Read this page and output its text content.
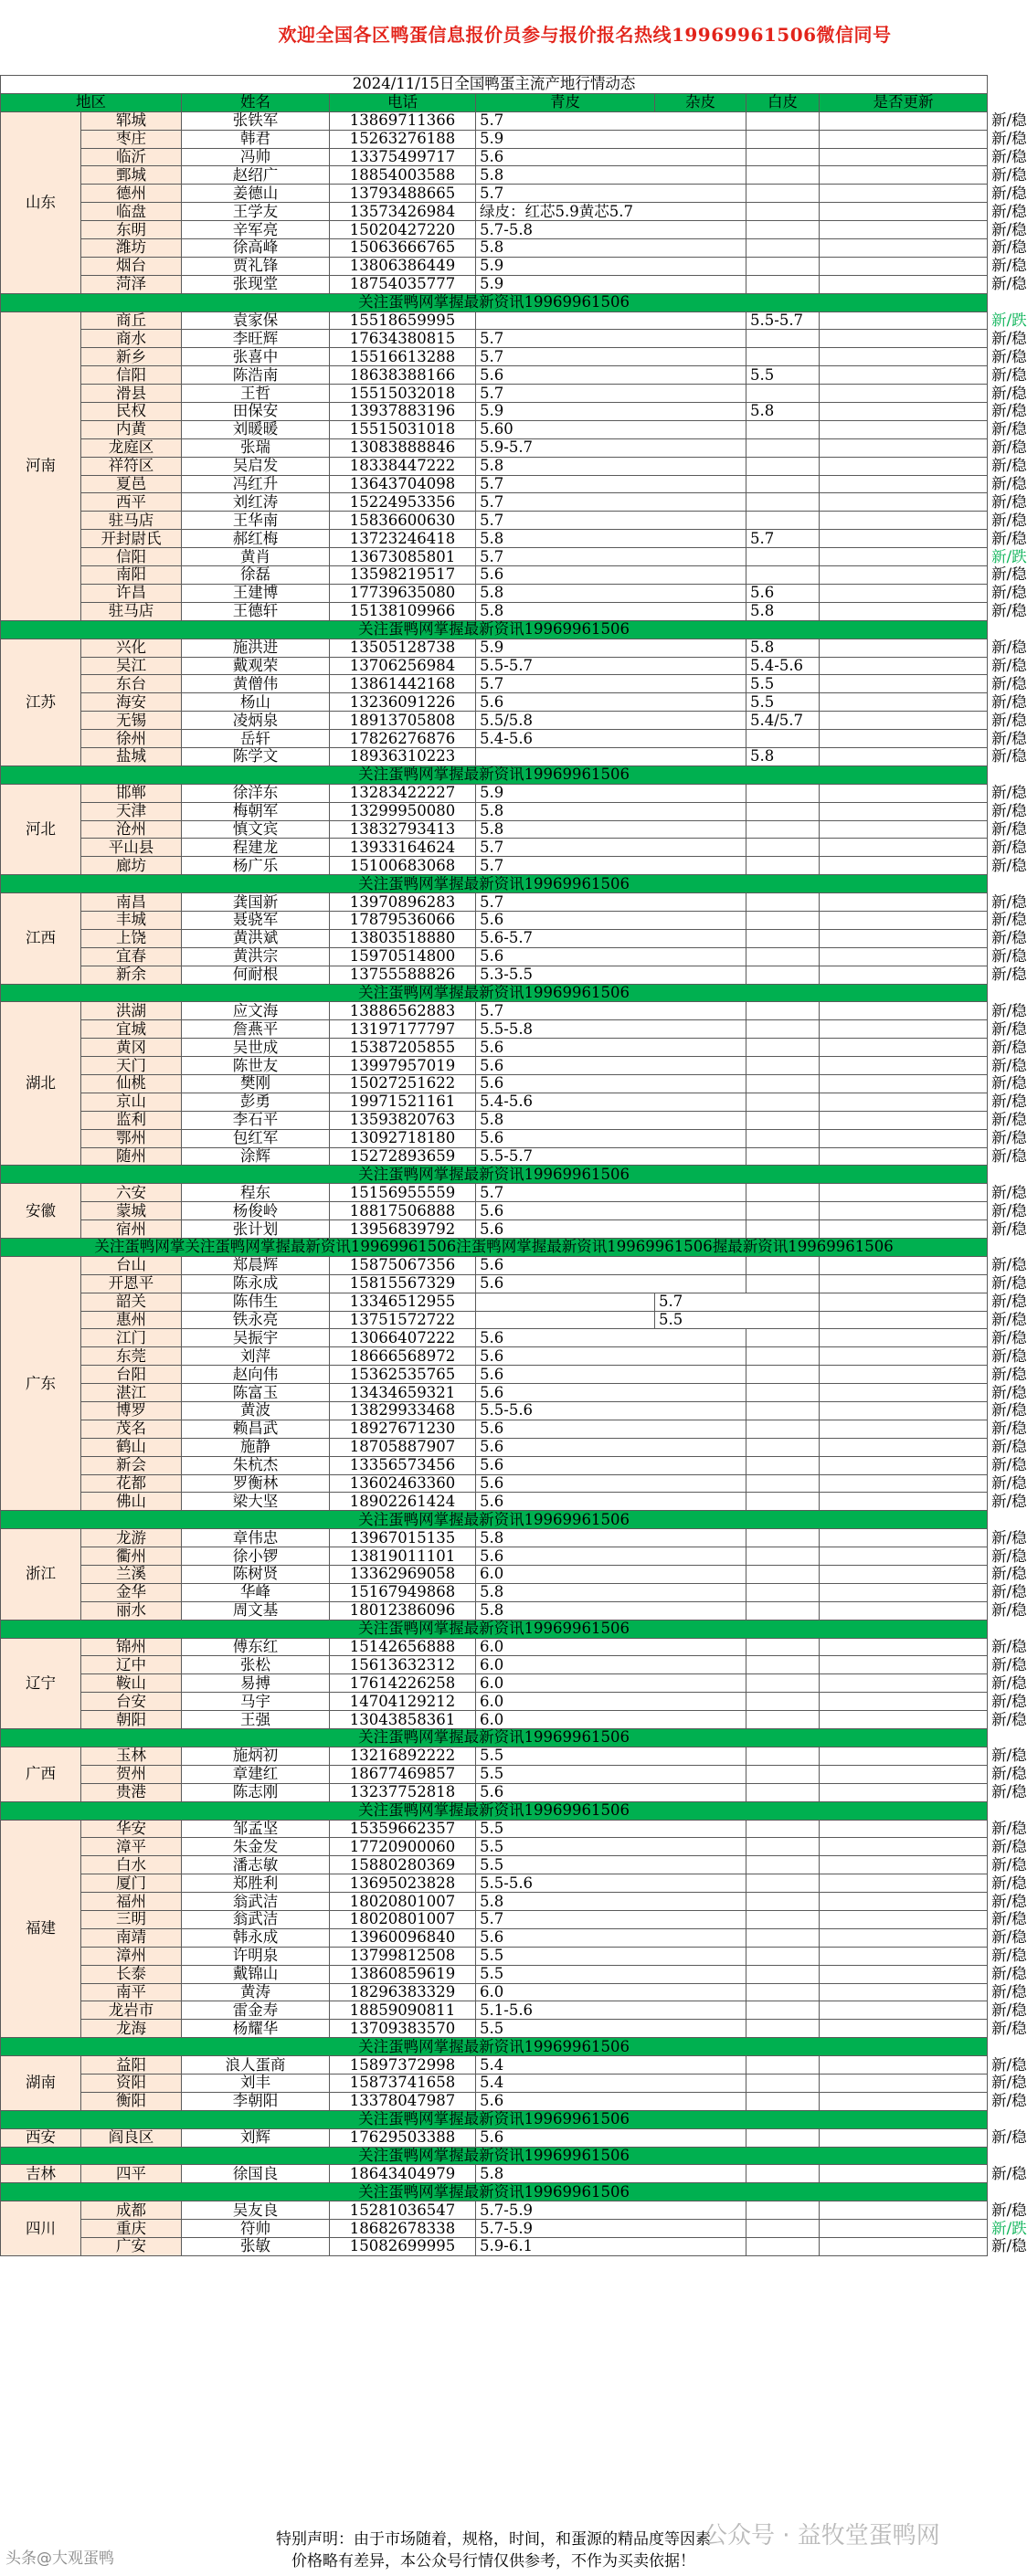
欢迎全国各区鸭蛋信息报价员参与报价报名热线19969961506微信同号
2024/11/15日全国鸭蛋主流产地行情动态								
地区		姓名	电话	青皮	杂皮	白皮	是否更新	
山东	郓城	张铁军	13869711366	5.7				新/稳
	枣庄	韩君	15263276188	5.9				新/稳
	临沂	冯帅	13375499717	5.6				新/稳
	鄄城	赵绍广	18854003588	5.8				新/稳
	德州	姜德山	13793488665	5.7				新/稳
	临盘	王学友	13573426984	绿皮：红芯5.9黄芯5.7				新/稳
	东明	辛军亮	15020427220	5.7-5.8				新/稳
	潍坊	徐高峰	15063666765	5.8				新/稳
	烟台	贾礼锋	13806386449	5.9				新/稳
	菏泽	张现堂	18754035777	5.9				新/稳
关注蛋鸭网掌握最新资讯19969961506								
河南	商丘	袁家保	15518659995			5.5-5.7		新/跌
	商水	李旺辉	17634380815	5.7				新/稳
	新乡	张喜中	15516613288	5.7				新/稳
	信阳	陈浩南	18638388166	5.6		5.5		新/稳
	滑县	王哲	15515032018	5.7				新/稳
	民权	田保安	13937883196	5.9		5.8		新/稳
	内黄	刘暖暖	15515031018	5.60				新/稳
	龙庭区	张瑞	13083888846	5.9-5.7				新/稳
	祥符区	吴启发	18338447222	5.8				新/稳
	夏邑	冯红升	13643704098	5.7				新/稳
	西平	刘红涛	15224953356	5.7				新/稳
	驻马店	王华南	15836600630	5.7				新/稳
	开封尉氏	郝红梅	13723246418	5.8		5.7		新/稳
	信阳	黄肖	13673085801	5.7				新/跌
	南阳	徐磊	13598219517	5.6				新/稳
	许昌	王建博	17739635080	5.8		5.6		新/稳
	驻马店	王德轩	15138109966	5.8		5.8		新/稳
关注蛋鸭网掌握最新资讯19969961506								
江苏	兴化	施洪进	13505128738	5.9		5.8		新/稳
	吴江	戴观荣	13706256984	5.5-5.7		5.4-5.6		新/稳
	东台	黄僧伟	13861442168	5.7		5.5		新/稳
	海安	杨山	13236091226	5.6		5.5		新/稳
	无锡	凌炳泉	18913705808	5.5/5.8		5.4/5.7		新/稳
	徐州	岳轩	17826276876	5.4-5.6				新/稳
	盐城	陈学文	18936310223			5.8		新/稳
关注蛋鸭网掌握最新资讯19969961506								
河北	邯郸	徐洋东	13283422227	5.9				新/稳
	天津	梅朝军	13299950080	5.8				新/稳
	沧州	慎文宾	13832793413	5.8				新/稳
	平山县	程建龙	13933164624	5.7				新/稳
	廊坊	杨广乐	15100683068	5.7				新/稳
关注蛋鸭网掌握最新资讯19969961506								
江西	南昌	龚国新	13970896283	5.7				新/稳
	丰城	聂骁军	17879536066	5.6				新/稳
	上饶	黄洪斌	13803518880	5.6-5.7				新/稳
	宜春	黄洪宗	15970514800	5.6				新/稳
	新余	何耐根	13755588826	5.3-5.5				新/稳
关注蛋鸭网掌握最新资讯19969961506								
湖北	洪湖	应文海	13886562883	5.7				新/稳
	宜城	詹燕平	13197177797	5.5-5.8				新/稳
	黄冈	吴世成	15387205855	5.6				新/稳
	天门	陈世友	13997957019	5.6				新/稳
	仙桃	樊刚	15027251622	5.6				新/稳
	京山	彭勇	19971521161	5.4-5.6				新/稳
	监利	李石平	13593820763	5.8				新/稳
	鄂州	包红军	13092718180	5.6				新/稳
	随州	涂辉	15272893659	5.5-5.7				新/稳
关注蛋鸭网掌握最新资讯19969961506								
安徽	六安	程东	15156955559	5.7				新/稳
	蒙城	杨俊岭	18817506888	5.6				新/稳
	宿州	张计划	13956839792	5.6				新/稳
关注蛋鸭网掌关注蛋鸭网掌握最新资讯19969961506注蛋鸭网掌握最新资讯19969961506握最新资讯19969961506								
广东	台山	郑晨辉	15875067356	5.6				新/稳
	开恩平	陈永成	15815567329	5.6				新/稳
	韶关	陈伟生	13346512955		5.7			新/稳
	惠州	铁永亮	13751572722		5.5			新/稳
	江门	吴振宇	13066407222	5.6				新/稳
	东莞	刘萍	18666568972	5.6				新/稳
	台阳	赵向伟	15362535765	5.6				新/稳
	湛江	陈富玉	13434659321	5.6				新/稳
	博罗	黄波	13829933468	5.5-5.6				新/稳
	茂名	赖昌武	18927671230	5.6				新/稳
	鹤山	施静	18705887907	5.6				新/稳
	新会	朱杭杰	13356573456	5.6				新/稳
	花都	罗衡林	13602463360	5.6				新/稳
	佛山	梁大坚	18902261424	5.6				新/稳
关注蛋鸭网掌握最新资讯19969961506								
浙江	龙游	章伟忠	13967015135	5.8				新/稳
	衢州	徐小锣	13819011101	5.6				新/稳
	兰溪	陈树贤	13362969058	6.0				新/稳
	金华	华峰	15167949868	5.8				新/稳
	丽水	周文基	18012386096	5.8				新/稳
关注蛋鸭网掌握最新资讯19969961506								
辽宁	锦州	傅东红	15142656888	6.0				新/稳
	辽中	张松	15613632312	6.0				新/稳
	鞍山	易搏	17614226258	6.0				新/稳
	台安	马宇	14704129212	6.0				新/稳
	朝阳	王强	13043858361	6.0				新/稳
关注蛋鸭网掌握最新资讯19969961506								
广西	玉林	施炳初	13216892222	5.5				新/稳
	贺州	章建红	18677469857	5.5				新/稳
	贵港	陈志刚	13237752818	5.6				新/稳
关注蛋鸭网掌握最新资讯19969961506								
福建	华安	邹孟坚	15359662357	5.5				新/稳
	漳平	朱金发	17720900060	5.5				新/稳
	白水	潘志敏	15880280369	5.5				新/稳
	厦门	郑胜利	13695023828	5.5-5.6				新/稳
	福州	翁武洁	18020801007	5.8				新/稳
	三明	翁武洁	18020801007	5.7				新/稳
	南靖	韩永成	13960096840	5.6				新/稳
	漳州	许明泉	13799812508	5.5				新/稳
	长泰	戴锦山	13860859619	5.5				新/稳
	南平	黄涛	18296383329	6.0				新/稳
	龙岩市	雷金寿	18859090811	5.1-5.6				新/稳
	龙海	杨耀华	13709383570	5.5				新/稳
关注蛋鸭网掌握最新资讯19969961506								
湖南	益阳	浪人蛋商	15897372998	5.4				新/稳
	资阳	刘丰	15873741658	5.4				新/稳
	衡阳	李朝阳	13378047987	5.6				新/稳
关注蛋鸭网掌握最新资讯19969961506								
西安	阎良区	刘辉	17629503388	5.6				新/稳
关注蛋鸭网掌握最新资讯19969961506								
吉林	四平	徐国良	18643404979	5.8				新/稳
关注蛋鸭网掌握最新资讯19969961506								
四川	成都	吴友良	15281036547	5.7-5.9				新/稳
	重庆	符帅	18682678338	5.7-5.9				新/跌
	广安	张敏	15082699995	5.9-6.1				新/稳
特别声明：由于市场随着，规格，时间，和蛋源的精品度等因素
价格略有差异，本公众号行情仅供参考，不作为买卖依据！
头条@大观蛋鸭
公众号 · 益牧堂蛋鸭网
